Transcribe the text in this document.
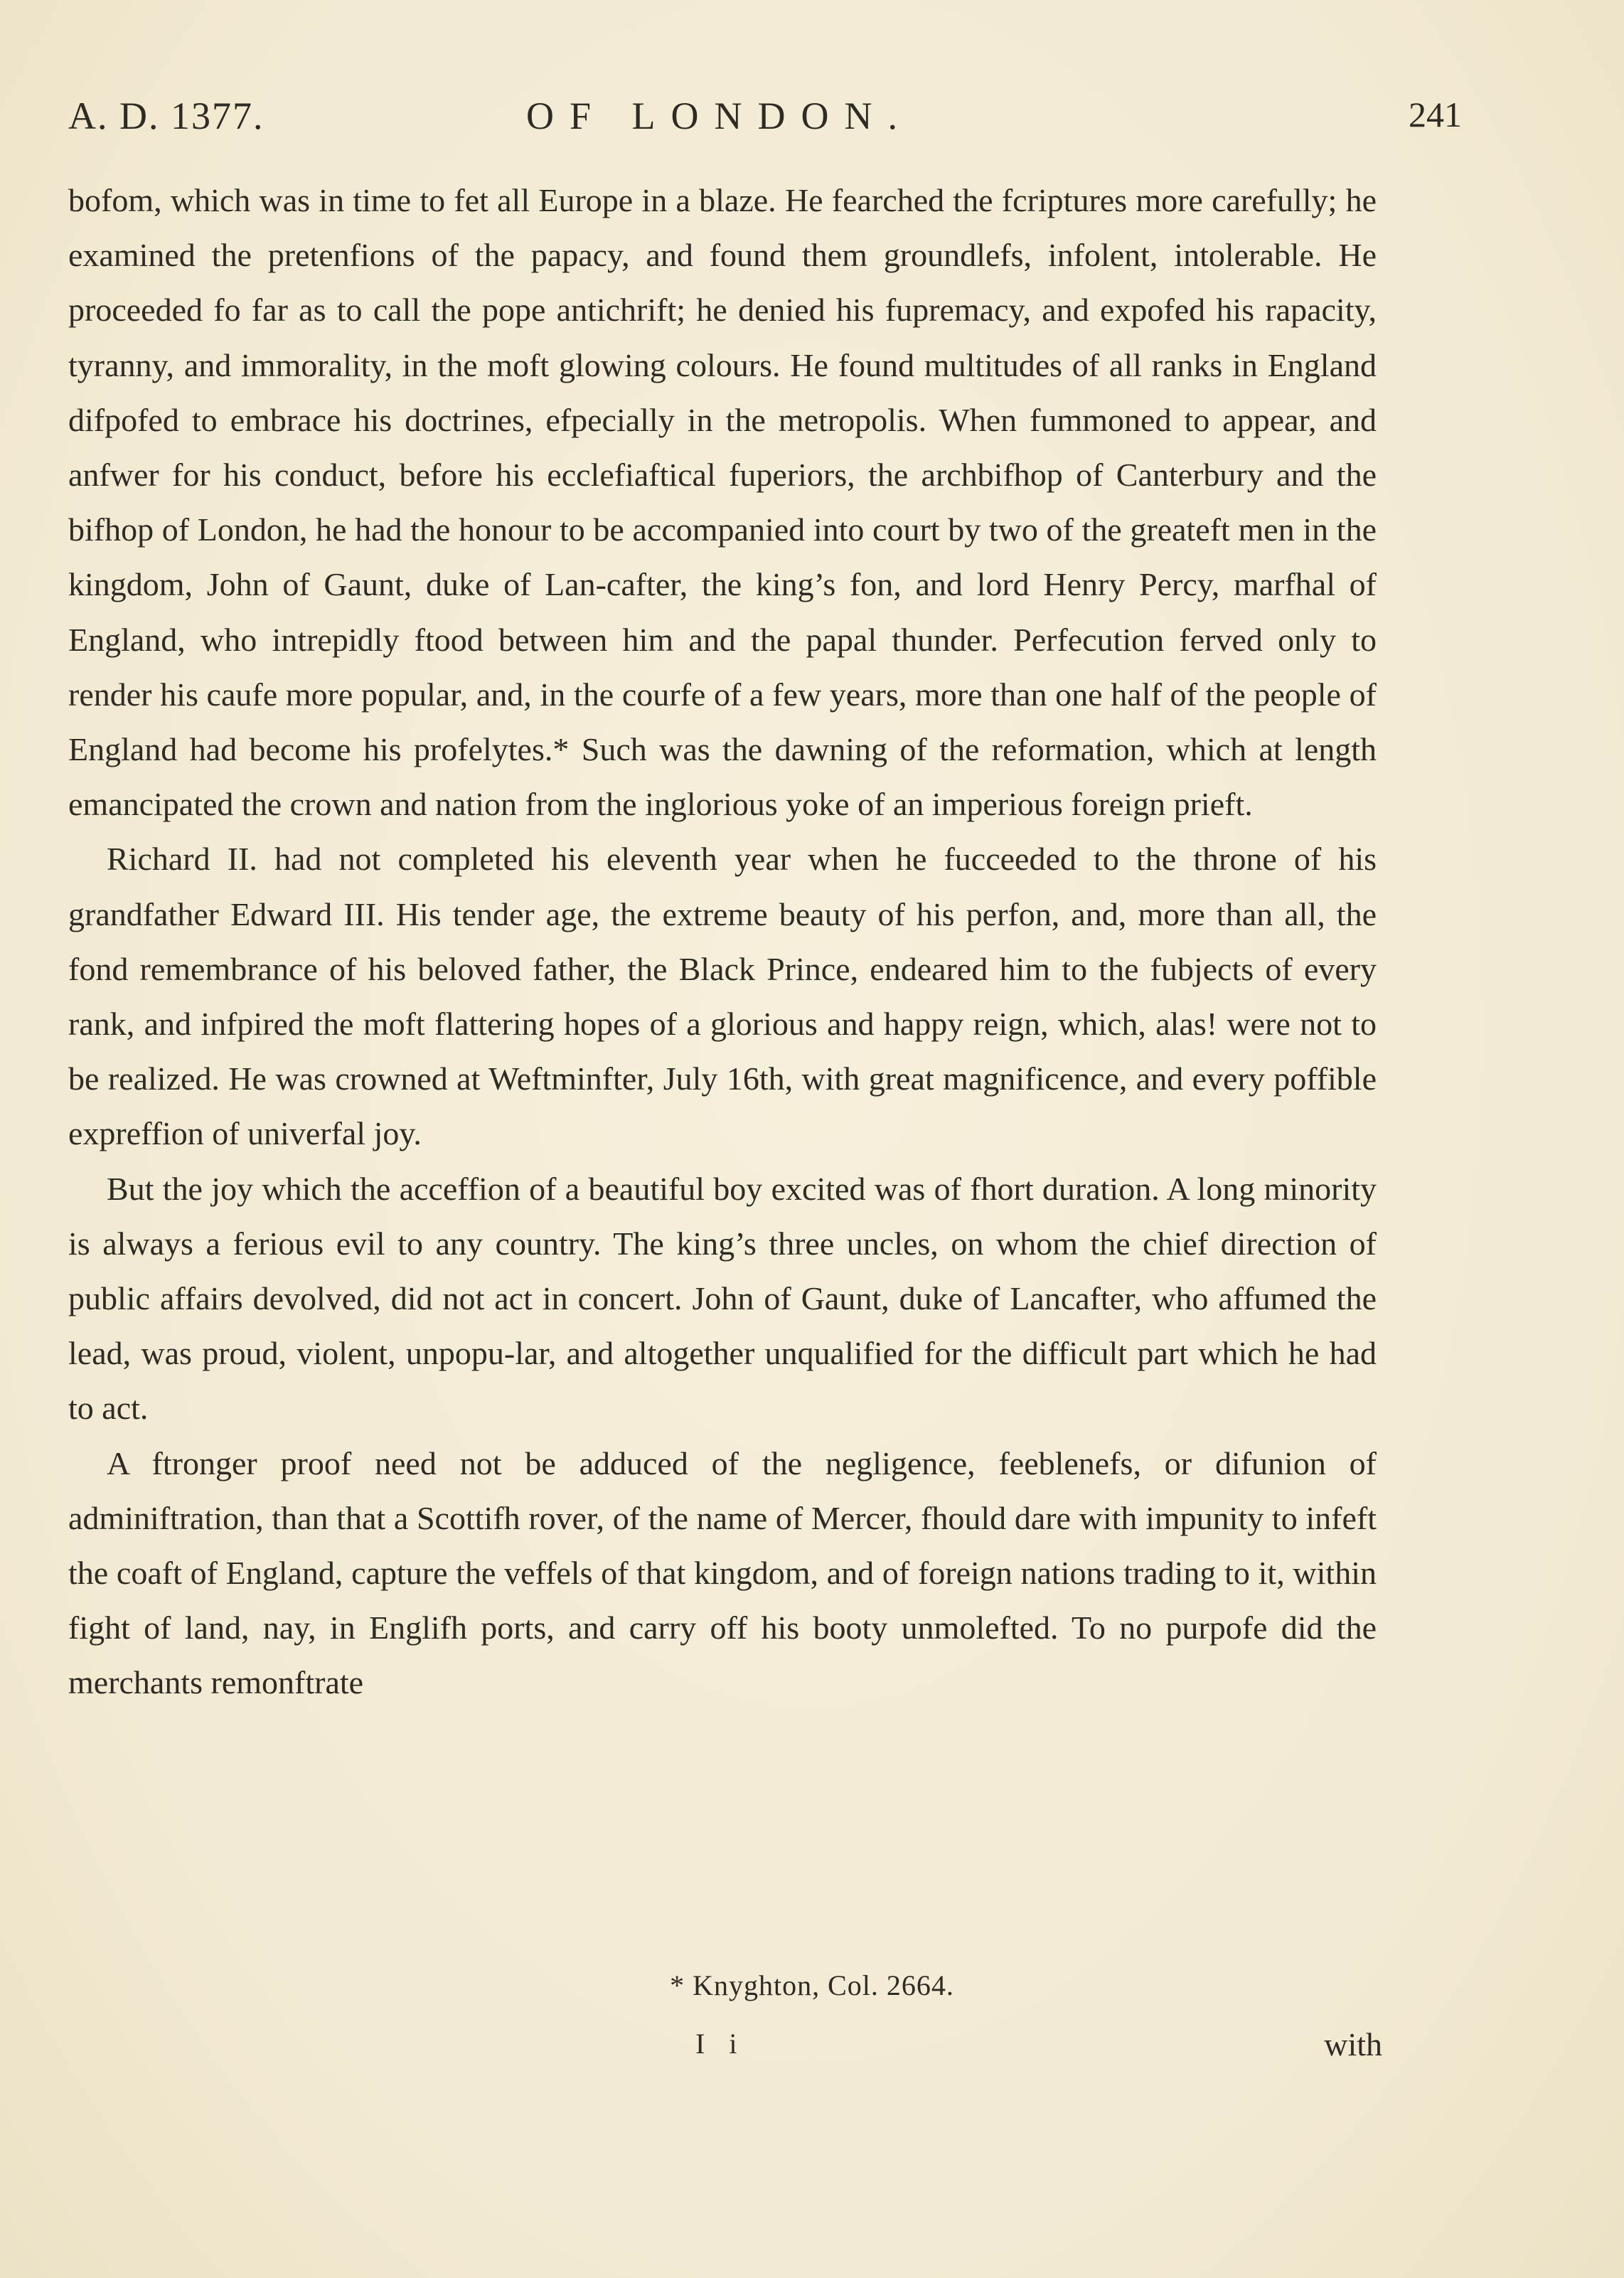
A. D. 1377.	OF LONDON.	241

bofom, which was in time to fet all Europe in a blaze. He fearched the fcriptures more carefully; he examined the pretenfions of the papacy, and found them groundlefs, infolent, intolerable. He proceeded fo far as to call the pope antichrift; he denied his fupremacy, and expofed his rapacity, tyranny, and immorality, in the moft glowing colours. He found multitudes of all ranks in England difpofed to embrace his doctrines, efpecially in the metropolis. When fummoned to appear, and anfwer for his conduct, before his ecclefiaftical fuperiors, the archbifhop of Canterbury and the bifhop of London, he had the honour to be accompanied into court by two of the greateft men in the kingdom, John of Gaunt, duke of Lan-cafter, the king’s fon, and lord Henry Percy, marfhal of England, who intrepidly ftood between him and the papal thunder. Perfecution ferved only to render his caufe more popular, and, in the courfe of a few years, more than one half of the people of England had become his profelytes.* Such was the dawning of the reformation, which at length emancipated the crown and nation from the inglorious yoke of an imperious foreign prieft.

Richard II. had not completed his eleventh year when he fucceeded to the throne of his grandfather Edward III. His tender age, the extreme beauty of his perfon, and, more than all, the fond remembrance of his beloved father, the Black Prince, endeared him to the fubjects of every rank, and infpired the moft flattering hopes of a glorious and happy reign, which, alas! were not to be realized. He was crowned at Weftminfter, July 16th, with great magnificence, and every poffible expreffion of univerfal joy.

But the joy which the acceffion of a beautiful boy excited was of fhort duration. A long minority is always a ferious evil to any country. The king’s three uncles, on whom the chief direction of public affairs devolved, did not act in concert. John of Gaunt, duke of Lancafter, who affumed the lead, was proud, violent, unpopu-lar, and altogether unqualified for the difficult part which he had to act.

A ftronger proof need not be adduced of the negligence, feeblenefs, or difunion of adminiftration, than that a Scottifh rover, of the name of Mercer, fhould dare with impunity to infeft the coaft of England, capture the veffels of that kingdom, and of foreign nations trading to it, within fight of land, nay, in Englifh ports, and carry off his booty unmolefted. To no purpofe did the merchants remonftrate

* Knyghton, Col. 2664.
I i	with
